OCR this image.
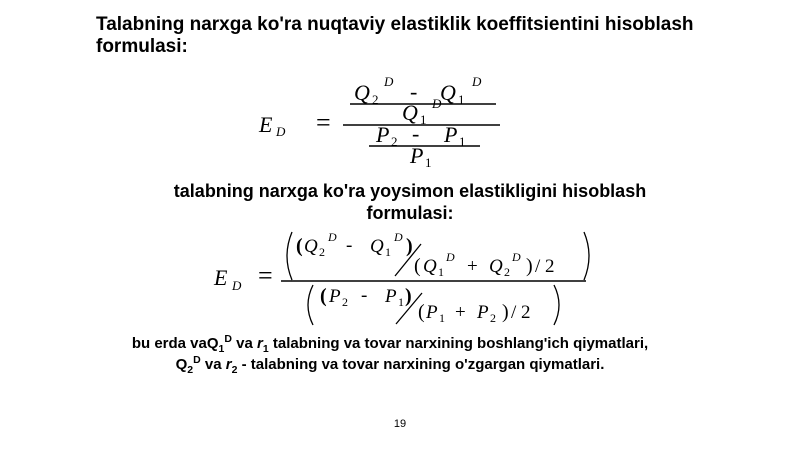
Talabning narxga ko'ra nuqtaviy elastiklik koeffitsientini hisoblash formulasi:
E D =
Q 2
D - Q 1
D
Q 1
D
P 2 - P 1
P 1
talabning narxga ko'ra yoysimon elastikligini hisoblash formulasi:
E D =
( Q 2
D - Q 1
D )
( Q 1
D + Q 2
D ) / 2
( P 2 - P 1 )
( P 1 + P 2 ) / 2
bu erda vaQ$_1^D$ va $r_1$ talabning va tovar narxining boshlang'ich qiymatlari, $Q_2^D$ va $r_2$ - talabning va tovar narxining o'zgargan qiymatlari.
19
